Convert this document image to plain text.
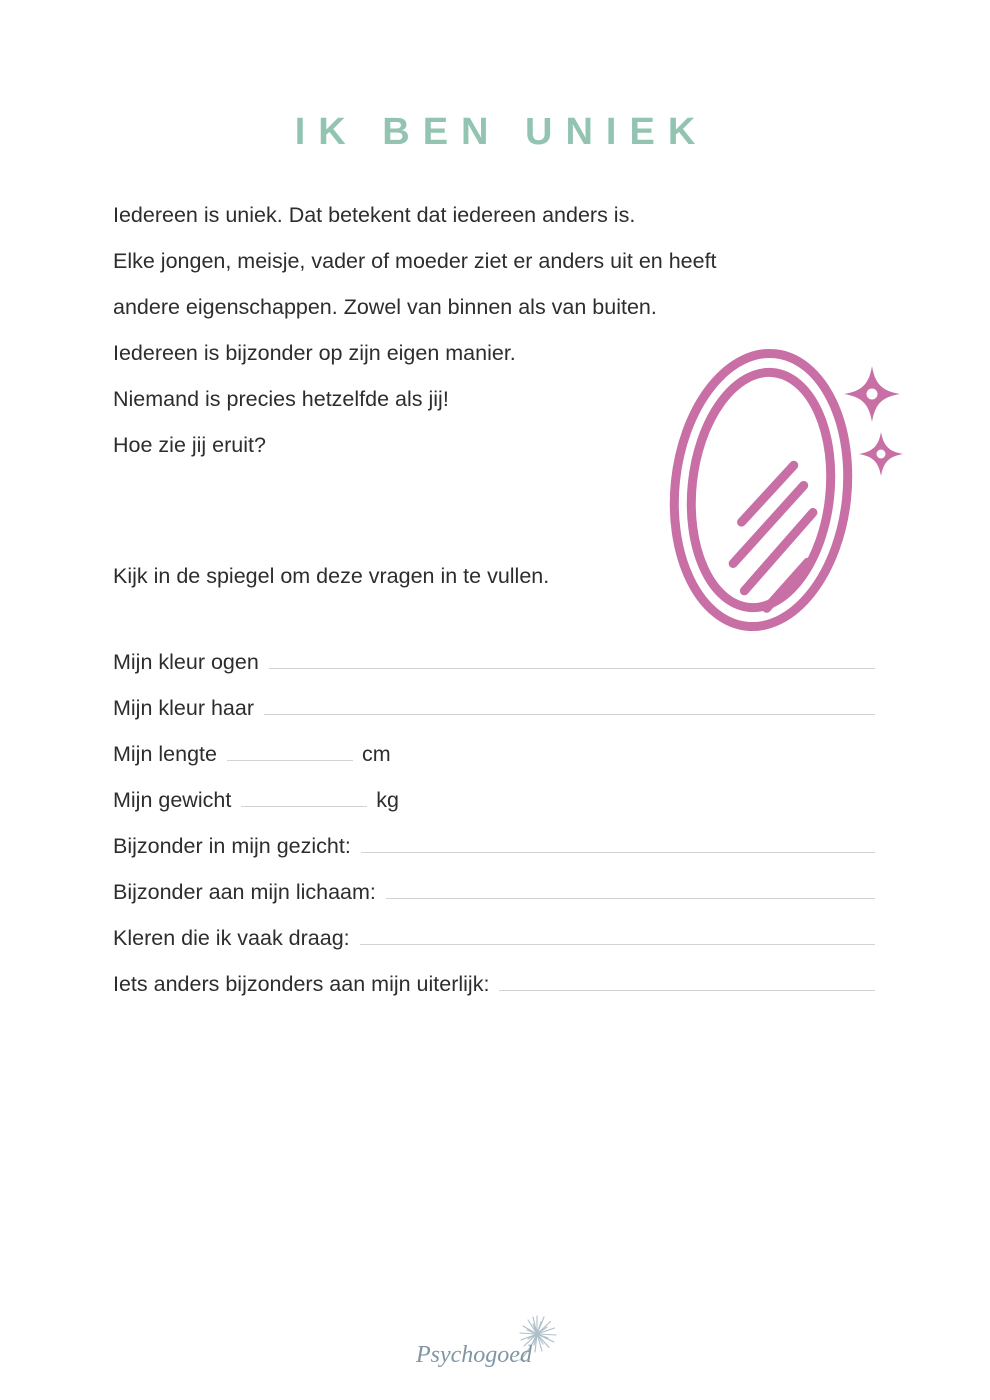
IK BEN UNIEK
Iedereen is uniek. Dat betekent dat iedereen anders is.
Elke jongen, meisje, vader of moeder ziet er anders uit en heeft
andere eigenschappen. Zowel van binnen als van buiten.
Iedereen is bijzonder op zijn eigen manier.
Niemand is precies hetzelfde als jij!
Hoe zie jij eruit?
Kijk in de spiegel om deze vragen in te vullen.
Mijn kleur ogen
Mijn kleur haar
Mijn lengte	cm
Mijn gewicht	kg
Bijzonder in mijn gezicht:
Bijzonder aan mijn lichaam:
Kleren die ik vaak draag:
Iets anders bijzonders aan mijn uiterlijk:
Psychogoed
